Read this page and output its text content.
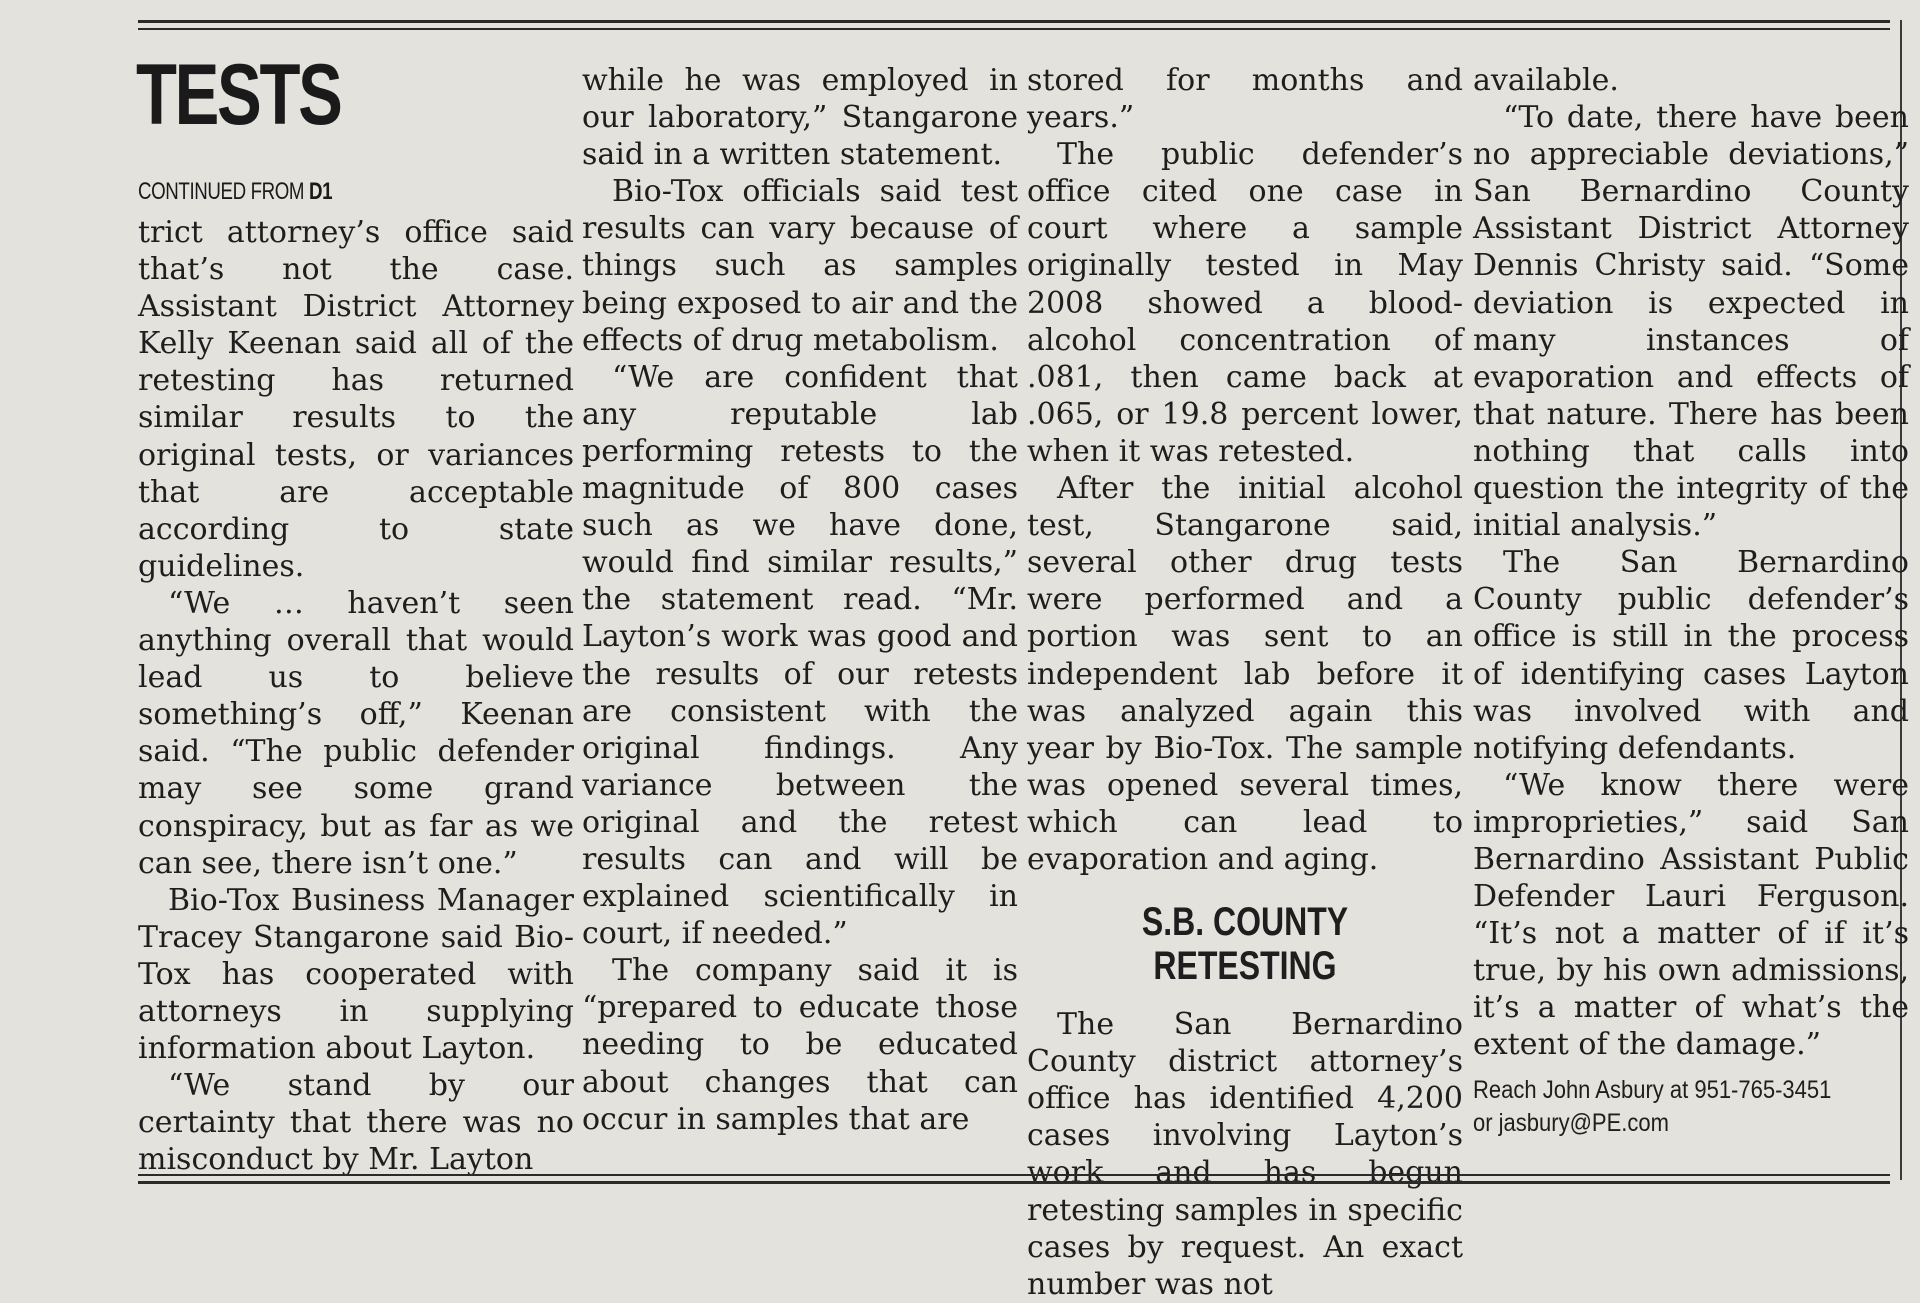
TESTS
CONTINUED FROM D1

trict attorney’s office said that’s not the case. Assistant District Attorney Kelly Keenan said all of the retesting has returned similar results to the original tests, or variances that are acceptable according to state guidelines.

“We … haven’t seen anything overall that would lead us to believe something’s off,” Keenan said. “The public defender may see some grand conspiracy, but as far as we can see, there isn’t one.”

Bio-Tox Business Manager Tracey Stangarone said Bio-Tox has cooperated with attorneys in supplying information about Layton.

“We stand by our certainty that there was no misconduct by Mr. Layton

while he was employed in our laboratory,” Stangarone said in a written statement.

Bio-Tox officials said test results can vary because of things such as samples being exposed to air and the effects of drug metabolism.

“We are confident that any reputable lab performing retests to the magnitude of 800 cases such as we have done, would find similar results,” the statement read. “Mr. Layton’s work was good and the results of our retests are consistent with the original findings. Any variance between the original and the retest results can and will be explained scientifically in court, if needed.”

The company said it is “prepared to educate those needing to be educated about changes that can occur in samples that are

stored for months and years.”

The public defender’s office cited one case in court where a sample originally tested in May 2008 showed a blood-alcohol concentration of .081, then came back at .065, or 19.8 percent lower, when it was retested.

After the initial alcohol test, Stangarone said, several other drug tests were performed and a portion was sent to an independent lab before it was analyzed again this year by Bio-Tox. The sample was opened several times, which can lead to evaporation and aging.

S.B. COUNTY RETESTING

The San Bernardino County district attorney’s office has identified 4,200 cases involving Layton’s work and has begun retesting samples in specific cases by request. An exact number was not

available.

“To date, there have been no appreciable deviations,” San Bernardino County Assistant District Attorney Dennis Christy said. “Some deviation is expected in many instances of evaporation and effects of that nature. There has been nothing that calls into question the integrity of the initial analysis.”

The San Bernardino County public defender’s office is still in the process of identifying cases Layton was involved with and notifying defendants.

“We know there were improprieties,” said San Bernardino Assistant Public Defender Lauri Ferguson. “It’s not a matter of if it’s true, by his own admissions, it’s a matter of what’s the extent of the damage.”

Reach John Asbury at 951-765-3451
or jasbury@PE.com
